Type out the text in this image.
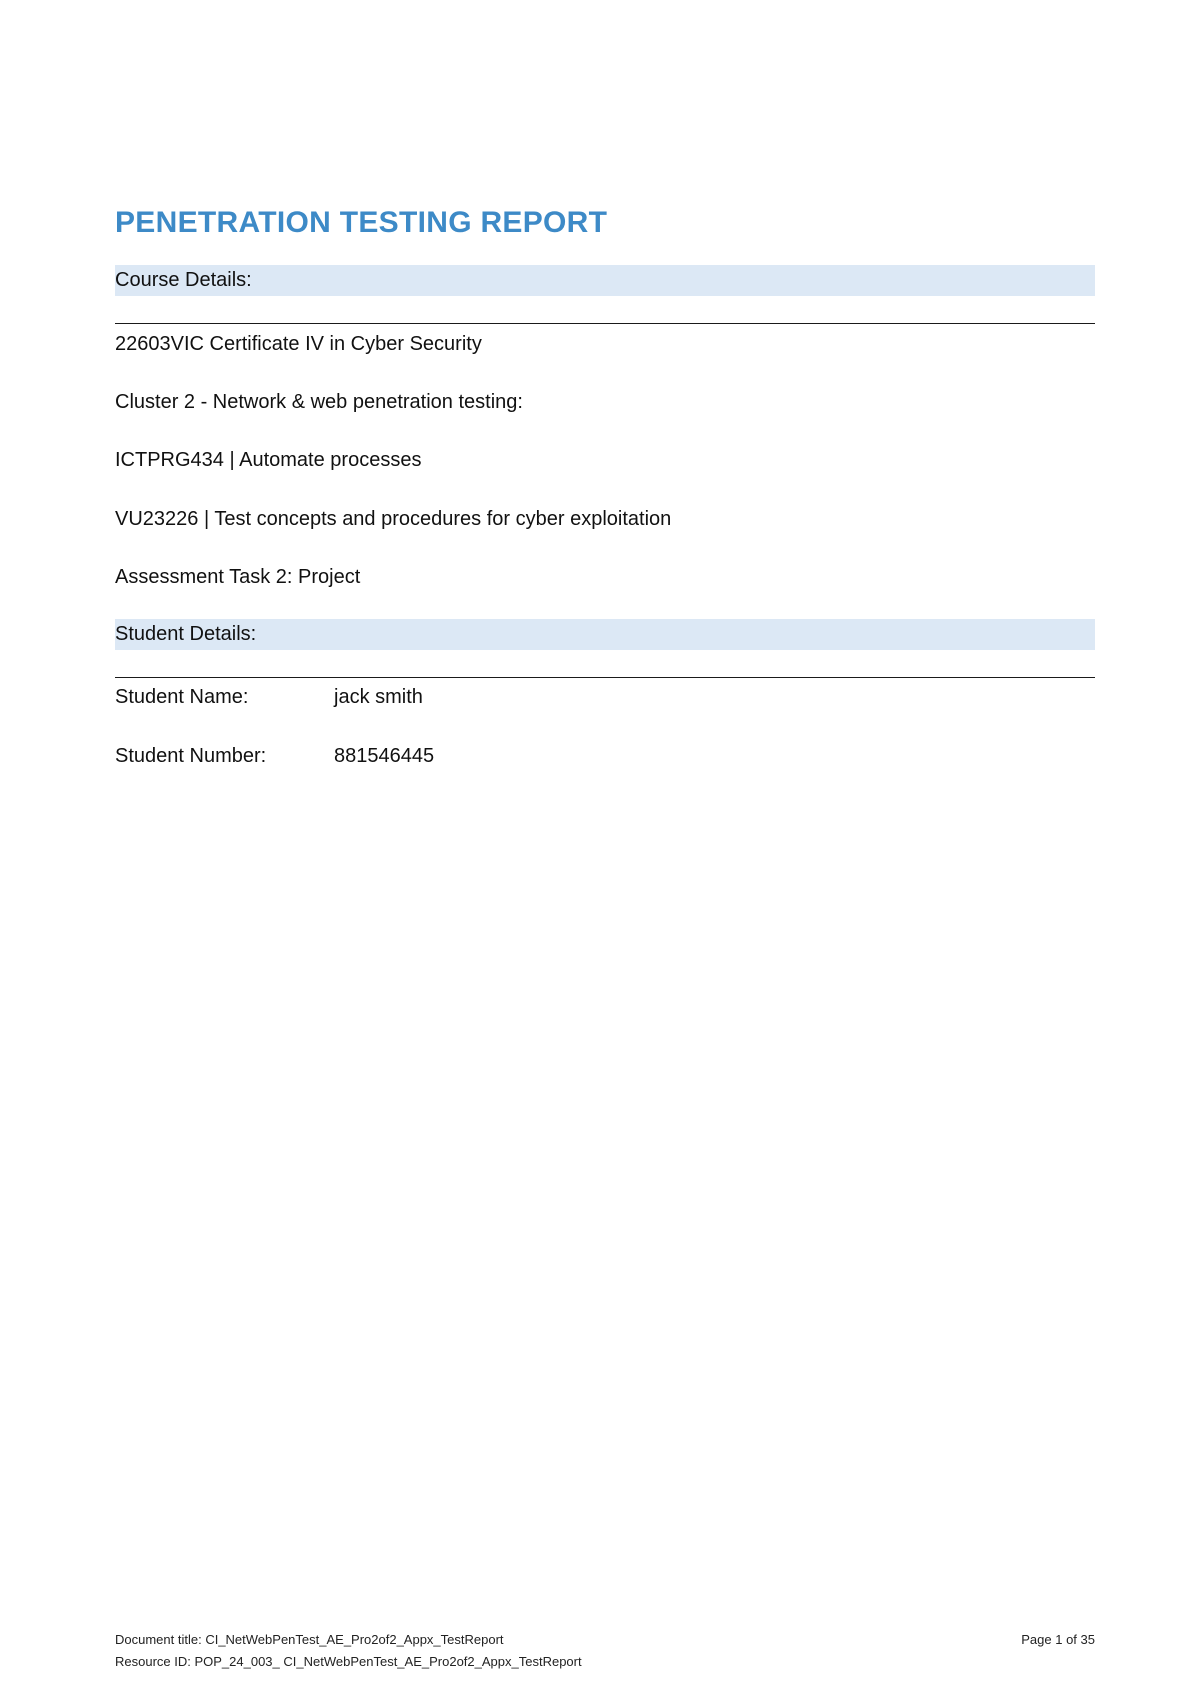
PENETRATION TESTING REPORT
Course Details:
22603VIC Certificate IV in Cyber Security
Cluster 2 - Network & web penetration testing:
ICTPRG434 | Automate processes
VU23226 | Test concepts and procedures for cyber exploitation
Assessment Task 2: Project
Student Details:
Student Name:	jack smith
Student Number:	881546445
Document title: CI_NetWebPenTest_AE_Pro2of2_Appx_TestReport	Page 1 of 35
Resource ID: POP_24_003_ CI_NetWebPenTest_AE_Pro2of2_Appx_TestReport
